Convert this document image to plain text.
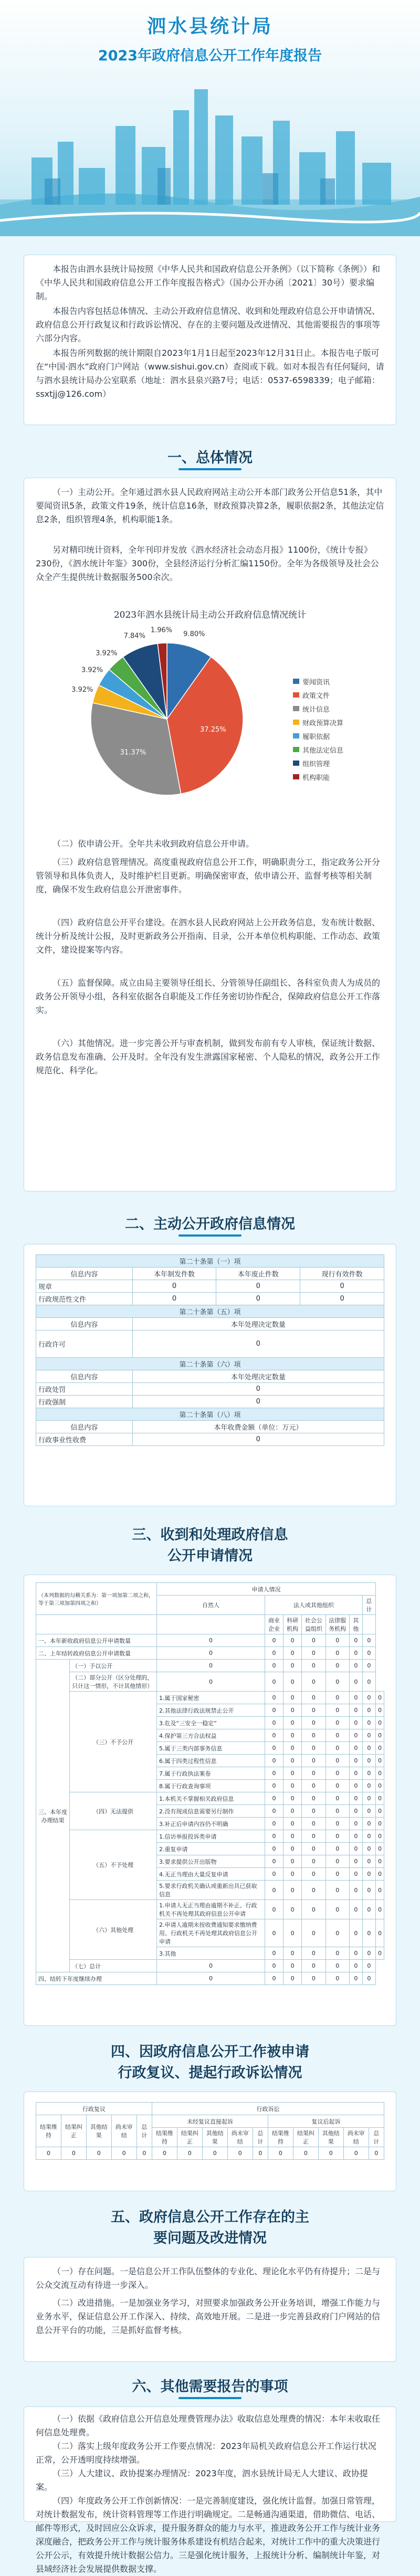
泗水县统计局
2023年政府信息公开工作年度报告
本报告由泗水县统计局按照《中华人民共和国政府信息公开条例》（以下简称《条例》）和《中华人民共和国政府信息公开工作年度报告格式》（国办公开办函〔2021〕30号）要求编制。
本报告内容包括总体情况、主动公开政府信息情况、收到和处理政府信息公开申请情况、政府信息公开行政复议和行政诉讼情况、存在的主要问题及改进情况、其他需要报告的事项等六部分内容。
本报告所列数据的统计期限自2023年1月1日起至2023年12月31日止。本报告电子版可在“中国·泗水”政府门户网站（www.sishui.gov.cn）查阅或下载。如对本报告有任何疑问，请与泗水县统计局办公室联系（地址：泗水县泉兴路7号；电话：0537-6598339；电子邮箱：ssxtjj@126.com）
一、总体情况
（一）主动公开。全年通过泗水县人民政府网站主动公开本部门政务公开信息51条，其中要闻资讯5条，政策文件19条，统计信息16条，财政预算决算2条，履职依据2条，其他法定信息2条，组织管理4条，机构职能1条。
另对精印统计资料，全年刊印并发放《泗水经济社会动态月报》1100份，《统计专报》230份，《泗水统计年鉴》300份，全县经济运行分析汇编1150份。全年为各级领导及社会公众全产生提供统计数据服务500余次。
2023年泗水县统计局主动公开政府信息情况统计
9.80%
37.25%
31.37%
3.92%
3.92%
3.92%
7.84%
1.96%
要闻资讯
政策文件
统计信息
财政预算决算
履职依据
其他法定信息
组织管理
机构职能
（二）依申请公开。全年共未收到政府信息公开申请。
（三）政府信息管理情况。高度重视政府信息公开工作，明确职责分工，指定政务公开分管领导和具体负责人，及时维护栏目更新。明确保密审查，依申请公开、监督考核等相关制度，确保不发生政府信息公开泄密事件。
（四）政府信息公开平台建设。在泗水县人民政府网站上公开政务信息，发布统计数据、统计分析及统计公报，及时更新政务公开指南、目录，公开本单位机构职能、工作动态、政策文件，建设提案等内容。
（五）监督保障。成立由局主要领导任组长、分管领导任副组长、各科室负责人为成员的政务公开领导小组，各科室依据各自职能及工作任务密切协作配合，保障政府信息公开工作落实。
（六）其他情况。进一步完善公开与审查机制，做到发布前有专人审核，保证统计数据、政务信息发布准确、公开及时。全年没有发生泄露国家秘密、个人隐私的情况，政务公开工作规范化、科学化。
二、主动公开政府信息情况
第二十条第（一）项			
信息内容	本年制发件数	本年废止件数	现行有效件数
规章	0	0	0
行政规范性文件	0	0	0
第二十条第（五）项			
信息内容	本年处理决定数量		
行政许可	0		
第二十条第（六）项			
信息内容	本年处理决定数量		
行政处罚	0		
行政强制	0		
第二十条第（八）项			
信息内容	本年收费金额（单位：万元）		
行政事业性收费	0		
三、收到和处理政府信息
公开申请情况
（本列数据的勾稽关系为：第一项加第二项之和，等于第三项加第四项之和）		申请人情况							
		自然人	法人或其他组织					总计	
			商业企业	科研机构	社会公益组织	法律服务机构	其他		
一、本年新收政府信息公开申请数量		0	0	0	0	0	0	0	
二、上年结转政府信息公开申请数量		0	0	0	0	0	0	0	
三、本年度办理结果	（一）予以公开	0	0	0	0	0	0	0	
	（二）部分公开（区分处理的，只计这一情形，不计其他情形）	0	0	0	0	0	0	0	
	（三）不予公开	1.属于国家秘密	0	0	0	0	0	0	0
		2.其他法律行政法规禁止公开	0	0	0	0	0	0	0
		3.危及“三安全一稳定”	0	0	0	0	0	0	0
		4.保护第三方合法权益	0	0	0	0	0	0	0
		5.属于三类内部事务信息	0	0	0	0	0	0	0
		6.属于四类过程性信息	0	0	0	0	0	0	0
		7.属于行政执法案卷	0	0	0	0	0	0	0
		8.属于行政查询事项	0	0	0	0	0	0	0
	（四）无法提供	1.本机关不掌握相关政府信息	0	0	0	0	0	0	0
		2.没有现成信息需要另行制作	0	0	0	0	0	0	0
		3.补正后申请内容仍不明确	0	0	0	0	0	0	0
	（五）不予处理	1.信访举报投诉类申请	0	0	0	0	0	0	0
		2.重复申请	0	0	0	0	0	0	0
		3.要求提供公开出版物	0	0	0	0	0	0	0
		4.无正当理由大量反复申请	0	0	0	0	0	0	0
		5.要求行政机关确认或重新出具已获取信息	0	0	0	0	0	0	0
	（六）其他处理	1.申请人无正当理由逾期不补正、行政机关不再处理其政府信息公开申请	0	0	0	0	0	0	0
		2.申请人逾期未按收费通知要求缴纳费用、行政机关不再处理其政府信息公开申请	0	0	0	0	0	0	0
		3.其他	0	0	0	0	0	0	0
	（七）总计	0	0	0	0	0	0	0	
四、结转下年度继续办理		0	0	0	0	0	0	0	
四、因政府信息公开工作被申请
行政复议、提起行政诉讼情况
行政复议					行政诉讼									
结果维持	结果纠正	其他结果	尚未审结	总计	未经复议直接起诉					复议后起诉				
					结果维持	结果纠正	其他结果	尚未审结	总计	结果维持	结果纠正	其他结果	尚未审结	总计
0	0	0	0	0	0	0	0	0	0	0	0	0	0	0
五、政府信息公开工作存在的主
要问题及改进情况
（一）存在问题。一是信息公开工作队伍整体的专业化、理论化水平仍有待提升；二是与公众交流互动有待进一步深入。
（二）改进措施。一是加强业务学习，对照要求加强政务公开业务培训，增强工作能力与业务水平，保证信息公开工作深入、持续、高效地开展。二是进一步完善县政府门户网站的信息公开平台的功能，三是抓好监督考核。
六、其他需要报告的事项
（一）依据《政府信息公开信息处理费管理办法》收取信息处理费的情况：本年未收取任何信息处理费。
（二）落实上级年度政务公开工作要点情况：2023年局机关政府信息公开工作运行状况正常，公开透明度持续增强。
（三）人大建议、政协提案办理情况：2023年度，泗水县统计局无人大建议、政协提案。
（四）年度政务公开工作创新情况：一是完善制度建设，强化统计监督。加强日常管理，对统计数据发布，统计资料管理等工作进行明确规定。二是畅通沟通渠道，借助微信、电话、邮件等形式，及时回应公众诉求，提升服务群众的能力与水平，推进政务公开工作与统计业务深度融合，把政务公开工作与统计服务体系建设有机结合起来，对统计工作中的重大决策进行公开公示，有效提升统计数据公信力。三是强化统计服务，上报统计分析、编制统计年鉴，对县域经济社会发展提供数据支撑。
